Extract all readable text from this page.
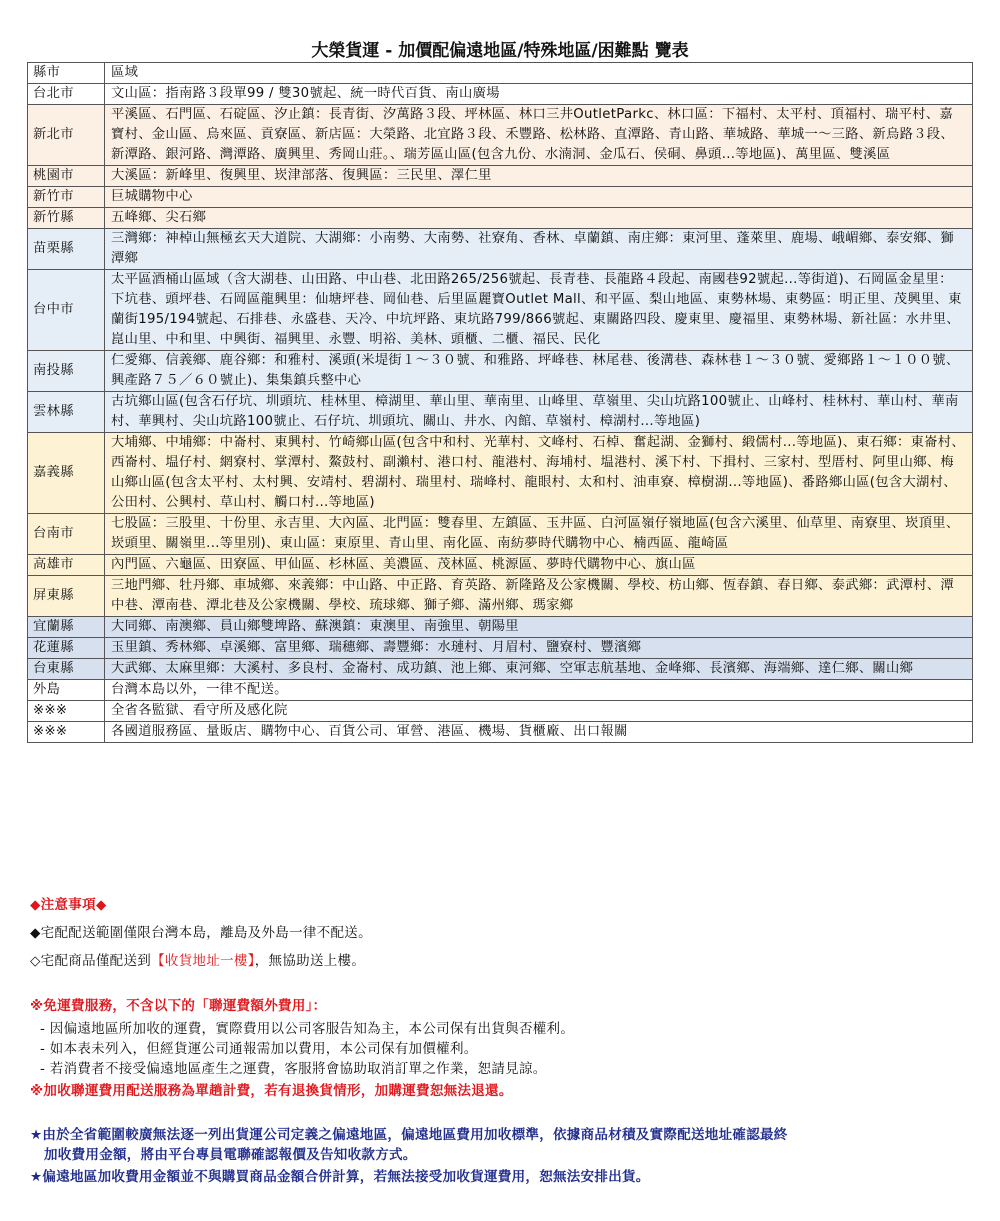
大榮貨運 - 加價配偏遠地區/特殊地區/困難點 覽表
縣市	區域
台北市	文山區：指南路３段單99 / 雙30號起、統一時代百貨、南山廣場
新北市	平溪區、石門區、石碇區、汐止鎮：長青街、汐萬路３段、坪林區、林口三井OutletParkc、林口區：下福村、太平村、頂福村、瑞平村、嘉寶村、金山區、烏來區、貢寮區、新店區：大榮路、北宜路３段、禾豐路、松林路、直潭路、青山路、華城路、華城一～三路、新烏路３段、新潭路、銀河路、灣潭路、廣興里、秀岡山莊。、瑞芳區山區(包含九份、水湳洞、金瓜石、侯硐、鼻頭...等地區)、萬里區、雙溪區
桃園市	大溪區：新峰里、復興里、崁津部落、復興區：三民里、澤仁里
新竹市	巨城購物中心
新竹縣	五峰鄉、尖石鄉
苗栗縣	三灣鄉：神棹山無極玄天大道院、大湖鄉：小南勢、大南勢、社寮角、香林、卓蘭鎮、南庄鄉：東河里、蓬萊里、鹿場、峨嵋鄉、泰安鄉、獅潭鄉
台中市	太平區酒桶山區域（含大湖巷、山田路、中山巷、北田路265/256號起、長青巷、長龍路４段起、南國巷92號起...等街道)、石岡區金星里：下坑巷、頭坪巷、石岡區龍興里：仙塘坪巷、岡仙巷、后里區麗寶Outlet Mall、和平區、梨山地區、東勢林場、東勢區：明正里、茂興里、東蘭街195/194號起、石排巷、永盛巷、天冷、中坑坪路、東坑路799/866號起、東關路四段、慶東里、慶福里、東勢林場、新社區：水井里、崑山里、中和里、中興街、福興里、永豐、明裕、美林、頭櫃、二櫃、福民、民化
南投縣	仁愛鄉、信義鄉、鹿谷鄉：和雅村、溪頭(米堤街１～３０號、和雅路、坪峰巷、林尾巷、後溝巷、森林巷１～３０號、愛鄉路１～１００號、興產路７５／６０號止)、集集鎮兵整中心
雲林縣	古坑鄉山區(包含石仔坑、圳頭坑、桂林里、樟湖里、華山里、華南里、山峰里、草嶺里、尖山坑路100號止、山峰村、桂林村、華山村、華南村、華興村、尖山坑路100號止、石仔坑、圳頭坑、關山、井水、內館、草嶺村、樟湖村...等地區)
嘉義縣	大埔鄉、中埔鄉：中崙村、東興村、竹崎鄉山區(包含中和村、光華村、文峰村、石棹、奮起湖、金獅村、緞儒村...等地區)、東石鄉：東崙村、西崙村、塭仔村、網寮村、掌潭村、鰲鼓村、副瀨村、港口村、龍港村、海埔村、塭港村、溪下村、下揖村、三家村、型厝村、阿里山鄉、梅山鄉山區(包含太平村、太村興、安靖村、碧湖村、瑞里村、瑞峰村、龍眼村、太和村、油車寮、樟樹湖...等地區)、番路鄉山區(包含大湖村、公田村、公興村、草山村、觸口村...等地區)
台南市	七股區：三股里、十份里、永吉里、大內區、北門區：雙春里、左鎮區、玉井區、白河區嶺仔嶺地區(包含六溪里、仙草里、南寮里、崁頂里、崁頭里、關嶺里...等里別)、東山區：東原里、青山里、南化區、南紡夢時代購物中心、楠西區、龍崎區
高雄市	內門區、六龜區、田寮區、甲仙區、杉林區、美濃區、茂林區、桃源區、夢時代購物中心、旗山區
屏東縣	三地門鄉、牡丹鄉、車城鄉、來義鄉：中山路、中正路、育英路、新隆路及公家機關、學校、枋山鄉、恆春鎮、春日鄉、泰武鄉：武潭村、潭中巷、潭南巷、潭北巷及公家機關、學校、琉球鄉、獅子鄉、滿州鄉、瑪家鄉
宜蘭縣	大同鄉、南澳鄉、員山鄉雙埤路、蘇澳鎮：東澳里、南強里、朝陽里
花蓮縣	玉里鎮、秀林鄉、卓溪鄉、富里鄉、瑞穗鄉、壽豐鄉：水璉村、月眉村、鹽寮村、豐濱鄉
台東縣	大武鄉、太麻里鄉：大溪村、多良村、金崙村、成功鎮、池上鄉、東河鄉、空軍志航基地、金峰鄉、長濱鄉、海端鄉、達仁鄉、關山鄉
外島	台灣本島以外，一律不配送。
※※※	全省各監獄、看守所及感化院
※※※	各國道服務區、量販店、購物中心、百貨公司、軍營、港區、機場、貨櫃廠、出口報關
◆注意事項◆
◆宅配配送範圍僅限台灣本島，離島及外島一律不配送。
◇宅配商品僅配送到【收貨地址一樓】，無協助送上樓。
※免運費服務，不含以下的「聯運費額外費用」：
- 因偏遠地區所加收的運費，實際費用以公司客服告知為主，本公司保有出貨與否權利。
- 如本表未列入，但經貨運公司通報需加以費用，本公司保有加價權利。
- 若消費者不接受偏遠地區產生之運費，客服將會協助取消訂單之作業，恕請見諒。
※加收聯運費用配送服務為單趟計費，若有退換貨情形，加購運費恕無法退還。
★由於全省範圍較廣無法逐一列出貨運公司定義之偏遠地區，偏遠地區費用加收標準，依據商品材積及實際配送地址確認最終
加收費用金額，將由平台專員電聯確認報價及告知收款方式。
★偏遠地區加收費用金額並不與購買商品金額合併計算，若無法接受加收貨運費用，恕無法安排出貨。
